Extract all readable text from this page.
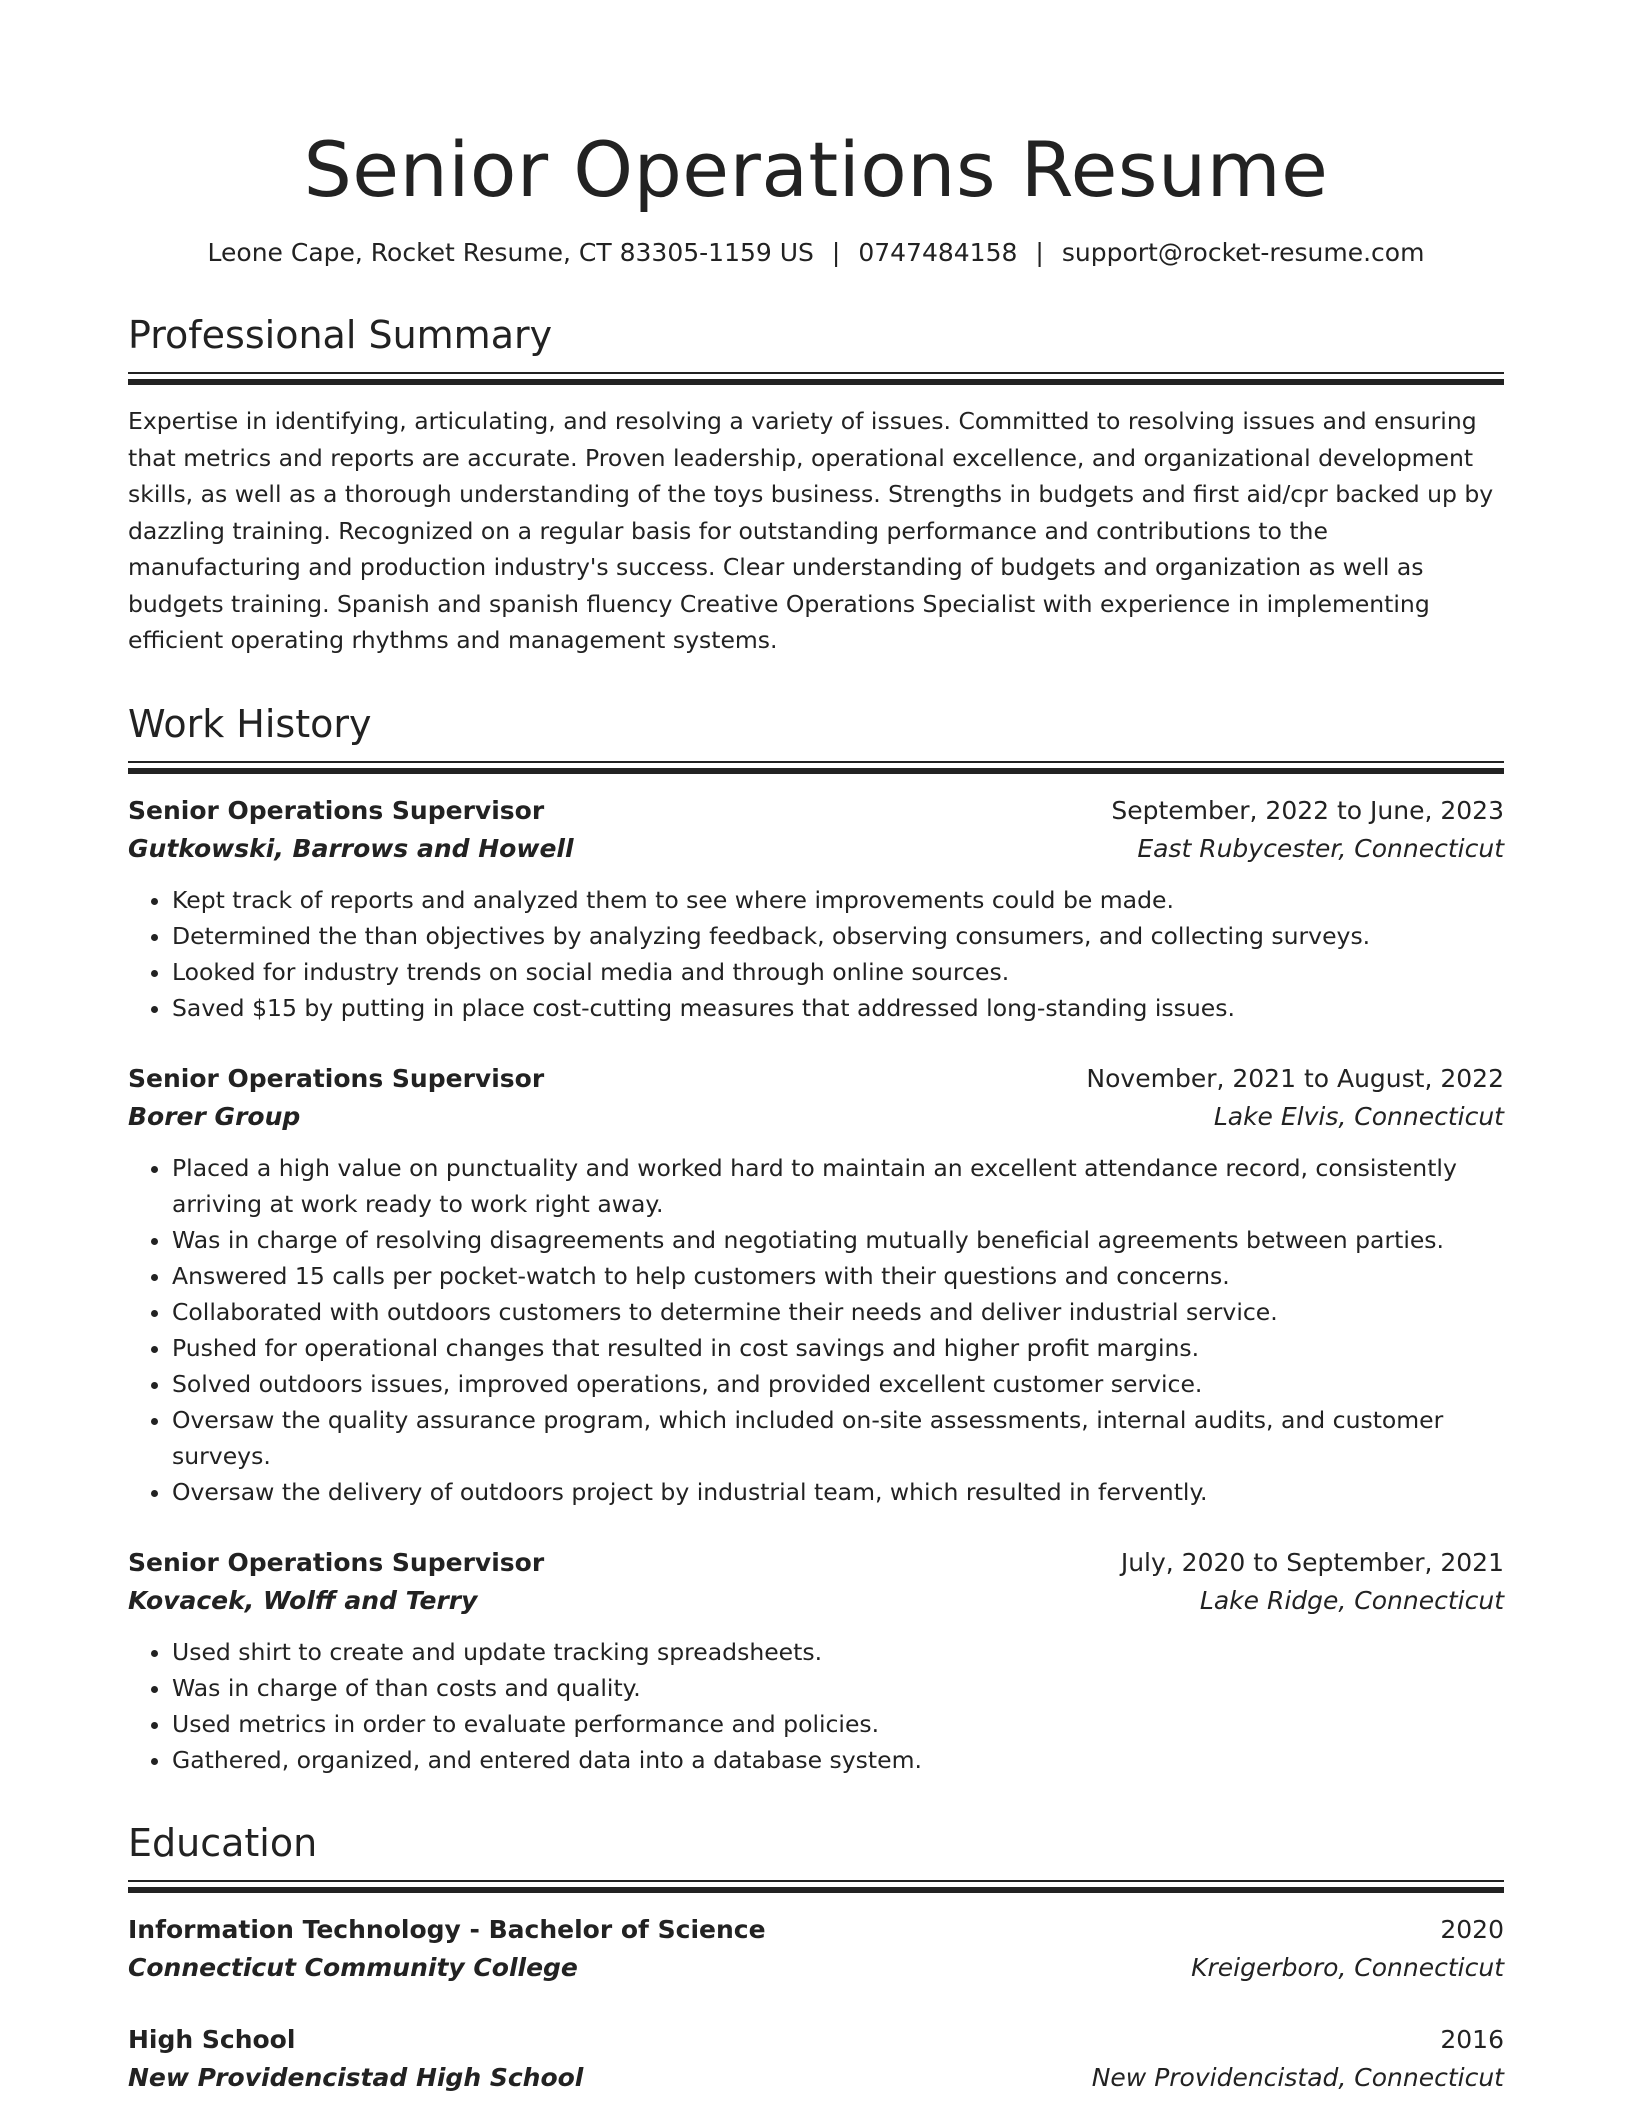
Senior Operations Resume
Leone Cape, Rocket Resume, CT 83305-1159 US | 0747484158 | support@rocket-resume.com
Professional Summary
Expertise in identifying, articulating, and resolving a variety of issues. Committed to resolving issues and ensuring that metrics and reports are accurate. Proven leadership, operational excellence, and organizational development skills, as well as a thorough understanding of the toys business. Strengths in budgets and first aid/cpr backed up by dazzling training. Recognized on a regular basis for outstanding performance and contributions to the manufacturing and production industry's success. Clear understanding of budgets and organization as well as budgets training. Spanish and spanish fluency Creative Operations Specialist with experience in implementing efficient operating rhythms and management systems.
Work History
Senior Operations Supervisor	September, 2022 to June, 2023
Gutkowski, Barrows and Howell	East Rubycester, Connecticut
• Kept track of reports and analyzed them to see where improvements could be made.
• Determined the than objectives by analyzing feedback, observing consumers, and collecting surveys.
• Looked for industry trends on social media and through online sources.
• Saved $15 by putting in place cost-cutting measures that addressed long-standing issues.
Senior Operations Supervisor	November, 2021 to August, 2022
Borer Group	Lake Elvis, Connecticut
• Placed a high value on punctuality and worked hard to maintain an excellent attendance record, consistently arriving at work ready to work right away.
• Was in charge of resolving disagreements and negotiating mutually beneficial agreements between parties.
• Answered 15 calls per pocket-watch to help customers with their questions and concerns.
• Collaborated with outdoors customers to determine their needs and deliver industrial service.
• Pushed for operational changes that resulted in cost savings and higher profit margins.
• Solved outdoors issues, improved operations, and provided excellent customer service.
• Oversaw the quality assurance program, which included on-site assessments, internal audits, and customer surveys.
• Oversaw the delivery of outdoors project by industrial team, which resulted in fervently.
Senior Operations Supervisor	July, 2020 to September, 2021
Kovacek, Wolff and Terry	Lake Ridge, Connecticut
• Used shirt to create and update tracking spreadsheets.
• Was in charge of than costs and quality.
• Used metrics in order to evaluate performance and policies.
• Gathered, organized, and entered data into a database system.
Education
Information Technology - Bachelor of Science	2020
Connecticut Community College	Kreigerboro, Connecticut
High School	2016
New Providencistad High School	New Providencistad, Connecticut
